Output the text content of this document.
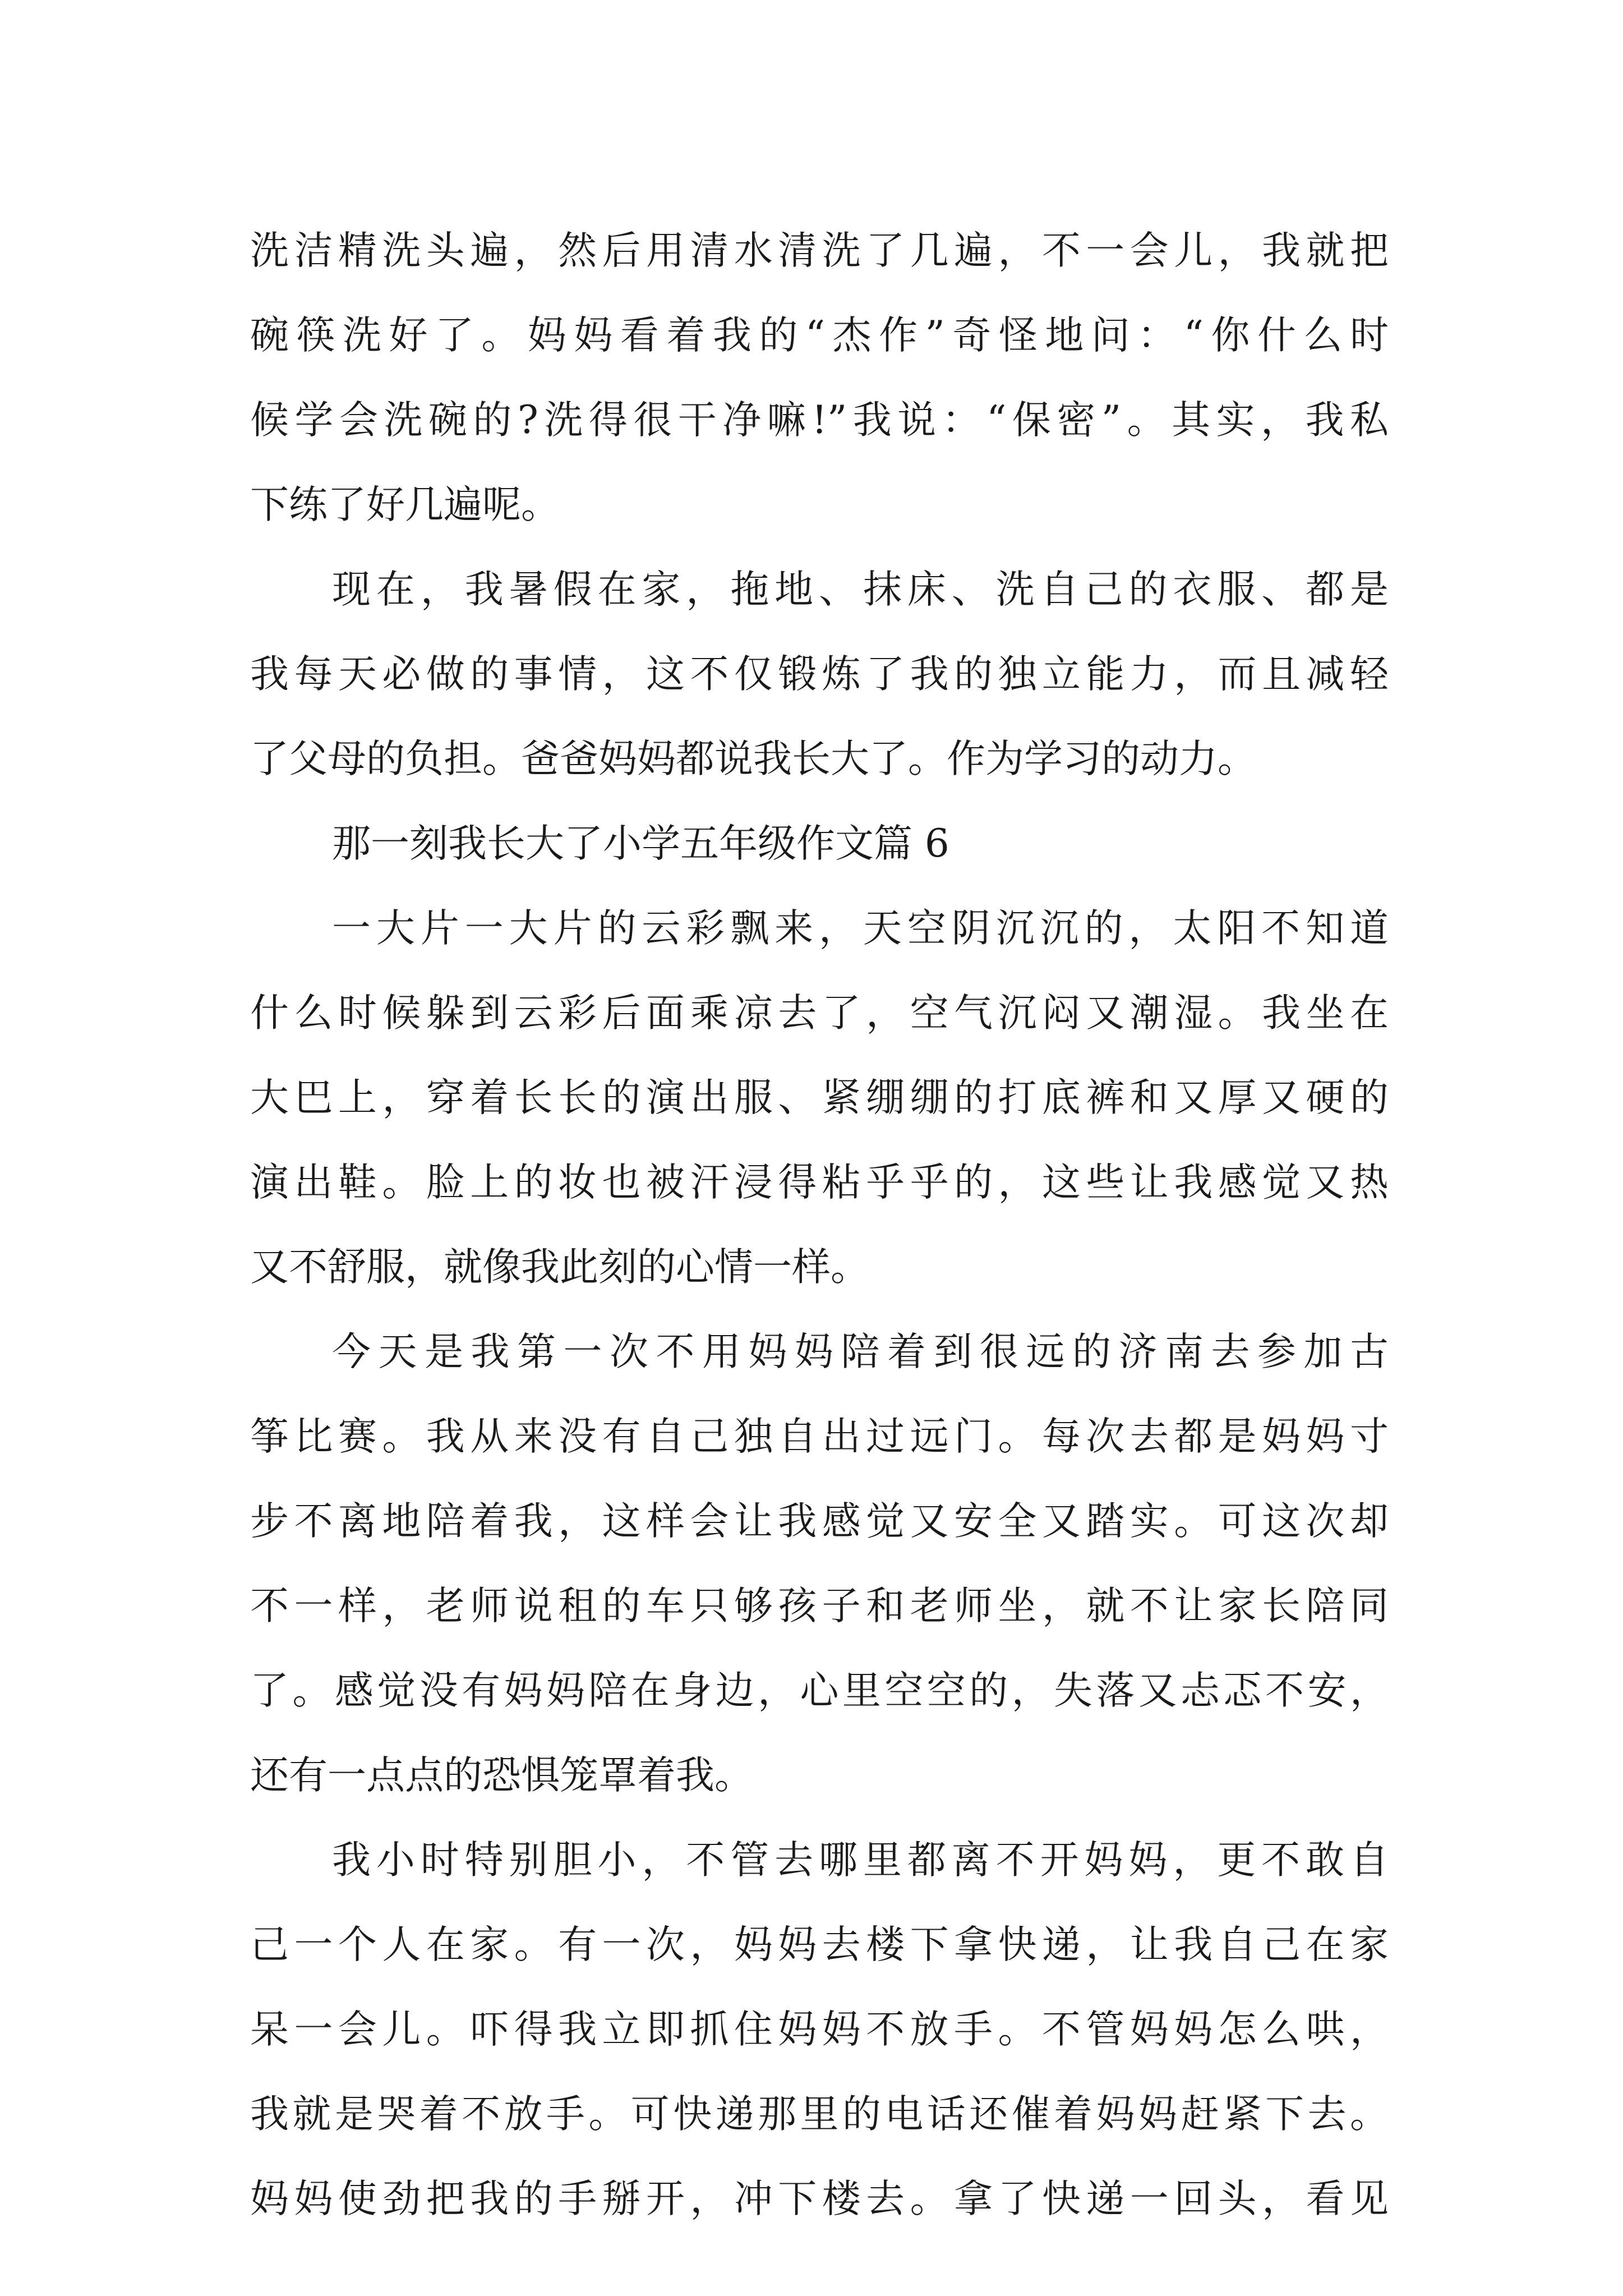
洗洁精洗头遍，然后用清水清洗了几遍，不一会儿，我就把
碗筷洗好了。妈妈看着我的“杰作”奇怪地问：“你什么时
候学会洗碗的?洗得很干净嘛!”我说：“保密”。其实，我私
下练了好几遍呢。
现在，我暑假在家，拖地、抹床、洗自己的衣服、都是
我每天必做的事情，这不仅锻炼了我的独立能力，而且减轻
了父母的负担。爸爸妈妈都说我长大了。作为学习的动力。
那一刻我长大了小学五年级作文篇 6
一大片一大片的云彩飘来，天空阴沉沉的，太阳不知道
什么时候躲到云彩后面乘凉去了，空气沉闷又潮湿。我坐在
大巴上，穿着长长的演出服、紧绷绷的打底裤和又厚又硬的
演出鞋。脸上的妆也被汗浸得粘乎乎的，这些让我感觉又热
又不舒服，就像我此刻的心情一样。
今天是我第一次不用妈妈陪着到很远的济南去参加古
筝比赛。我从来没有自己独自出过远门。每次去都是妈妈寸
步不离地陪着我，这样会让我感觉又安全又踏实。可这次却
不一样，老师说租的车只够孩子和老师坐，就不让家长陪同
了。感觉没有妈妈陪在身边，心里空空的，失落又忐忑不安，
还有一点点的恐惧笼罩着我。
我小时特别胆小，不管去哪里都离不开妈妈，更不敢自
己一个人在家。有一次，妈妈去楼下拿快递，让我自己在家
呆一会儿。吓得我立即抓住妈妈不放手。不管妈妈怎么哄，
我就是哭着不放手。可快递那里的电话还催着妈妈赶紧下去。
妈妈使劲把我的手掰开，冲下楼去。拿了快递一回头，看见
